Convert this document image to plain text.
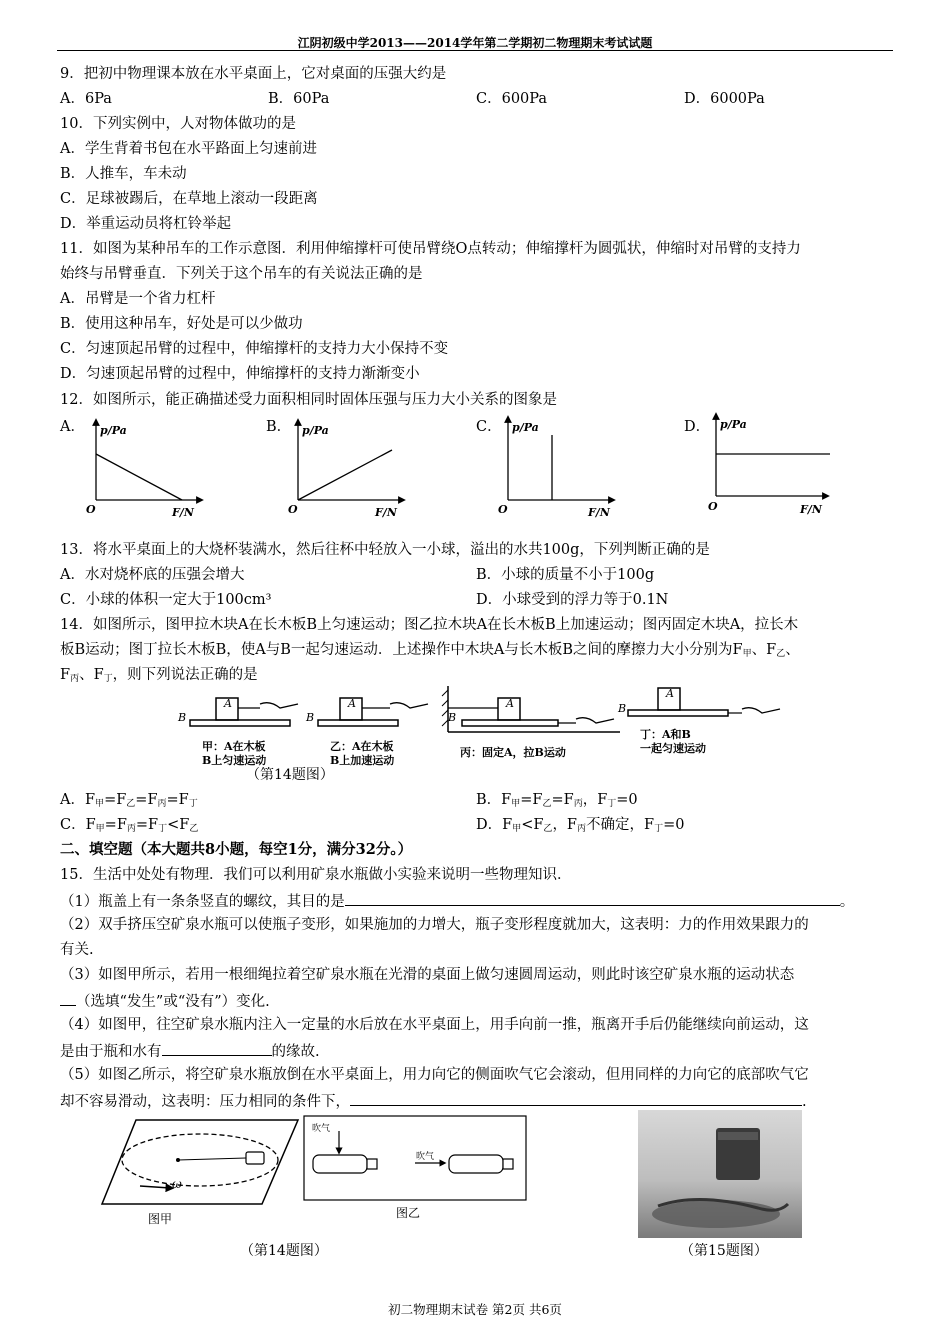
江阴初级中学2013——2014学年第二学期初二物理期末考试试题
9．把初中物理课本放在水平桌面上，它对桌面的压强大约是
A．6Pa	B．60Pa	C．600Pa	D．6000Pa
10．下列实例中，人对物体做功的是
A．学生背着书包在水平路面上匀速前进
B．人推车，车未动
C．足球被踢后，在草地上滚动一段距离
D．举重运动员将杠铃举起
11．如图为某种吊车的工作示意图．利用伸缩撑杆可使吊臂绕O点转动；伸缩撑杆为圆弧状，伸缩时对吊臂的支持力
始终与吊臂垂直．下列关于这个吊车的有关说法正确的是
A．吊臂是一个省力杠杆
B．使用这种吊车，好处是可以少做功
C．匀速顶起吊臂的过程中，伸缩撑杆的支持力大小保持不变
D．匀速顶起吊臂的过程中，伸缩撑杆的支持力渐渐变小
12．如图所示，能正确描述受力面积相同时固体压强与压力大小关系的图象是
A． p/Pa
O	F/N
B． p/Pa
O	F/N
C． p/Pa
O	F/N
D． p/Pa
O	F/N
13．将水平桌面上的大烧杯装满水，然后往杯中轻放入一小球，溢出的水共100g，下列判断正确的是
A．水对烧杯底的压强会增大	B．小球的质量不小于100g
C．小球的体积一定大于100cm³	D．小球受到的浮力等于0.1N
14．如图所示，图甲拉木块A在长木板B上匀速运动；图乙拉木块A在长木板B上加速运动；图丙固定木块A，拉长木
板B运动；图丁拉长木板B，使A与B一起匀速运动．上述操作中木块A与长木板B之间的摩擦力大小分别为$F_甲$、$F_乙$、
$F_丙$、$F_丁$，则下列说法正确的是
A
B
A
B
A
B
A
B
甲：A在木板
B上匀速运动
乙：A在木板
B上加速运动
丙：固定A，拉B运动
丁：A和B
一起匀速运动
（第14题图）
A．$F_甲=F_乙=F_丙=F_丁$	B．$F_甲=F_乙=F_丙$，$F_丁=0$
C．$F_甲=F_丙=F_丁<F_乙$	D．$F_甲<F_乙$，$F_丙$不确定，$F_丁=0$
二、填空题（本大题共8小题，每空1分，满分32分。）
15．生活中处处有物理．我们可以利用矿泉水瓶做小实验来说明一些物理知识．
（1）瓶盖上有一条条竖直的螺纹，其目的是	。
（2）双手挤压空矿泉水瓶可以使瓶子变形，如果施加的力增大，瓶子变形程度就加大，这表明：力的作用效果跟力的
有关.
（3）如图甲所示，若用一根细绳拉着空矿泉水瓶在光滑的桌面上做匀速圆周运动，则此时该空矿泉水瓶的运动状态
（选填“发生”或“没有”）变化.
（4）如图甲，往空矿泉水瓶内注入一定量的水后放在水平桌面上，用手向前一推，瓶离开手后仍能继续向前运动，这
是由于瓶和水有	的缘故.
（5）如图乙所示，将空矿泉水瓶放倒在水平桌面上，用力向它的侧面吹气它会滚动，但用同样的力向它的底部吹气它
却不容易滑动，这表明：压力相同的条件下，	.
ω
图甲
吹气
吹气
图乙
（第14题图）	（第15题图）
初二物理期末试卷 第2页 共6页
